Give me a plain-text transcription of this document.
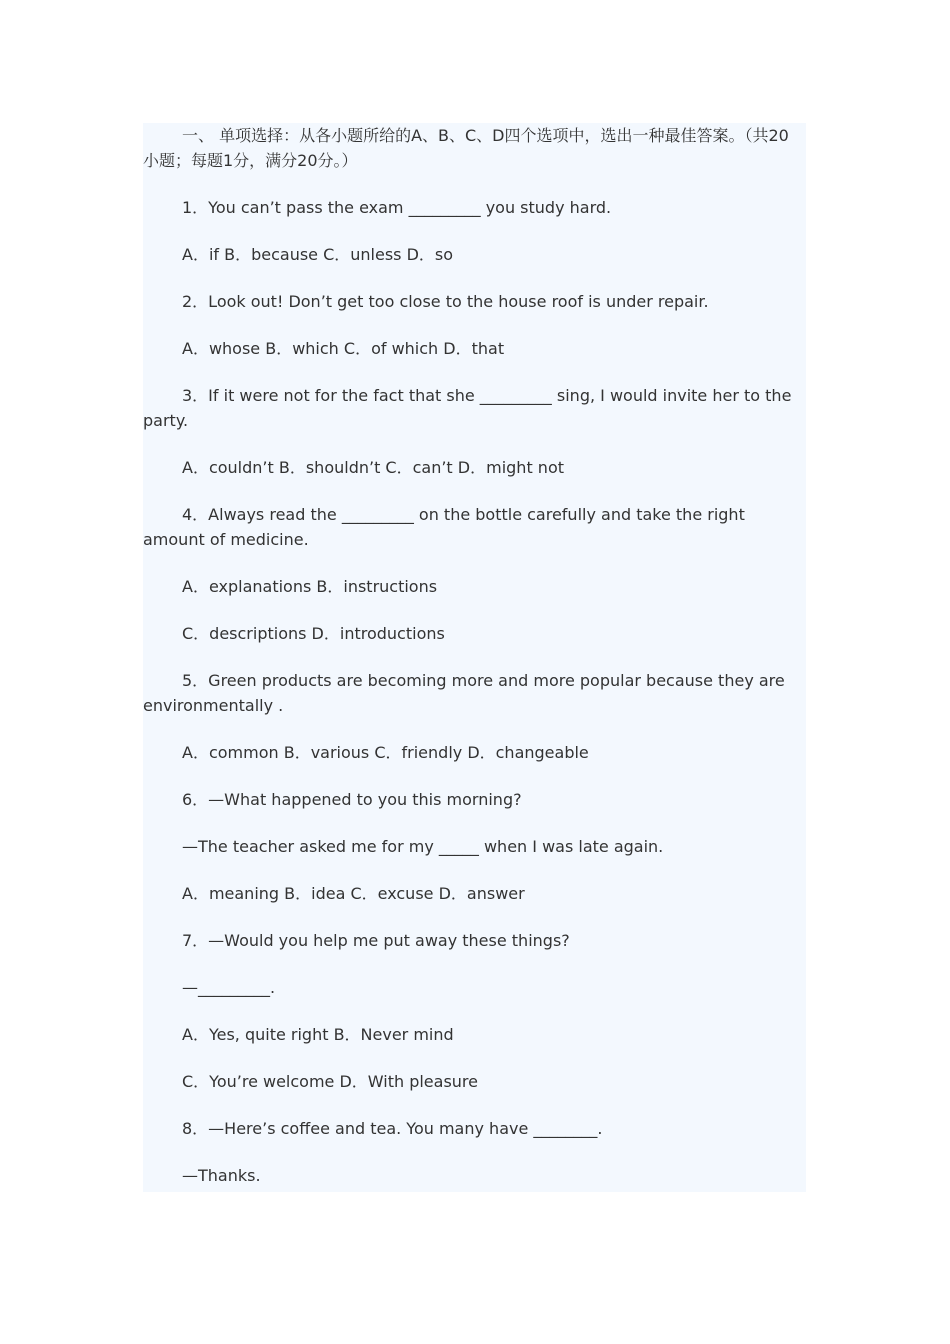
一、 单项选择：从各小题所给的A、B、C、D四个选项中，选出一种最佳答案。（共20小题；每题1分，满分20分。）
1．You can’t pass the exam _________ you study hard.
A．if B．because C．unless D．so
2．Look out! Don’t get too close to the house roof is under repair.
A．whose B．which C．of which D．that
3．If it were not for the fact that she _________ sing, I would invite her to the party.
A．couldn’t B．shouldn’t C．can’t D．might not
4．Always read the _________ on the bottle carefully and take the right amount of medicine.
A．explanations B．instructions
C．descriptions D．introductions
5．Green products are becoming more and more popular because they are environmentally .
A．common B．various C．friendly D．changeable
6．—What happened to you this morning?
—The teacher asked me for my _____ when I was late again.
A．meaning B．idea C．excuse D．answer
7．—Would you help me put away these things?
—_________.
A．Yes, quite right B．Never mind
C．You’re welcome D．With pleasure
8．—Here’s coffee and tea. You many have ________.
—Thanks.
